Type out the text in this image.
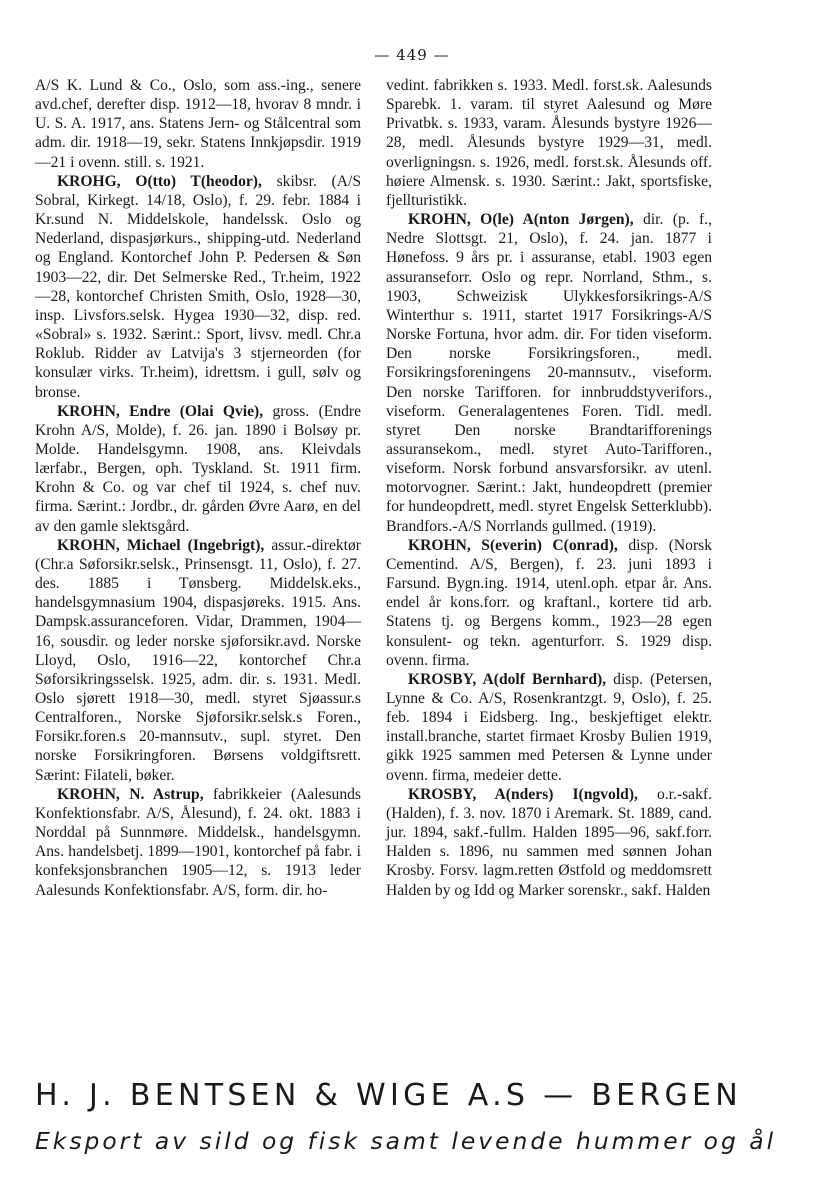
— 449 —

A/S K. Lund & Co., Oslo, som ass.-ing., senere avd.chef, derefter disp. 1912—18, hvorav 8 mndr. i U. S. A. 1917, ans. Statens Jern- og Stålcentral som adm. dir. 1918—19, sekr. Statens Innkjøpsdir. 1919—21 i ovenn. still. s. 1921.

KROHG, O(tto) T(heodor), skibsr. (A/S Sobral, Kirkegt. 14/18, Oslo), f. 29. febr. 1884 i Kr.sund N. Middelskole, handelssk. Oslo og Nederland, dispasjørkurs., shipping-utd. Nederland og England. Kontorchef John P. Pedersen & Søn 1903—22, dir. Det Selmerske Red., Tr.heim, 1922—28, kontorchef Christen Smith, Oslo, 1928—30, insp. Livsfors.selsk. Hygea 1930—32, disp. red. «Sobral» s. 1932. Særint.: Sport, livsv. medl. Chr.a Roklub. Ridder av Latvija's 3 stjerneorden (for konsulær virks. Tr.heim), idrettsm. i gull, sølv og bronse.

KROHN, Endre (Olai Qvie), gross. (Endre Krohn A/S, Molde), f. 26. jan. 1890 i Bolsøy pr. Molde. Handelsgymn. 1908, ans. Kleivdals lærfabr., Bergen, oph. Tyskland. St. 1911 firm. Krohn & Co. og var chef til 1924, s. chef nuv. firma. Særint.: Jordbr., dr. gården Øvre Aarø, en del av den gamle slektsgård.

KROHN, Michael (Ingebrigt), assur.-direktør (Chr.a Søforsikr.selsk., Prinsensgt. 11, Oslo), f. 27. des. 1885 i Tønsberg. Middelsk.eks., handelsgymnasium 1904, dispasjøreks. 1915. Ans. Dampsk.assuranceforen. Vidar, Drammen, 1904—16, sousdir. og leder norske sjøforsikr.avd. Norske Lloyd, Oslo, 1916—22, kontorchef Chr.a Søforsikringsselsk. 1925, adm. dir. s. 1931. Medl. Oslo sjørett 1918—30, medl. styret Sjøassur.s Centralforen., Norske Sjøforsikr.selsk.s Foren., Forsikr.foren.s 20-mannsutv., supl. styret. Den norske Forsikringforen. Børsens voldgiftsrett. Særint: Filateli, bøker.

KROHN, N. Astrup, fabrikkeier (Aalesunds Konfektionsfabr. A/S, Ålesund), f. 24. okt. 1883 i Norddal på Sunnmøre. Middelsk., handelsgymn. Ans. handelsbetj. 1899—1901, kontorchef på fabr. i konfeksjonsbranchen 1905—12, s. 1913 leder Aalesunds Konfektionsfabr. A/S, form. dir. ho-

vedint. fabrikken s. 1933. Medl. forst.sk. Aalesunds Sparebk. 1. varam. til styret Aalesund og Møre Privatbk. s. 1933, varam. Ålesunds bystyre 1926—28, medl. Ålesunds bystyre 1929—31, medl. overligningsn. s. 1926, medl. forst.sk. Ålesunds off. høiere Almensk. s. 1930. Særint.: Jakt, sportsfiske, fjellturistikk.

KROHN, O(le) A(nton Jørgen), dir. (p. f., Nedre Slottsgt. 21, Oslo), f. 24. jan. 1877 i Hønefoss. 9 års pr. i assuranse, etabl. 1903 egen assuranseforr. Oslo og repr. Norrland, Sthm., s. 1903, Schweizisk Ulykkesforsikrings-A/S Winterthur s. 1911, startet 1917 Forsikrings-A/S Norske Fortuna, hvor adm. dir. For tiden viseform. Den norske Forsikringsforen., medl. Forsikringsforeningens 20-mannsutv., viseform. Den norske Tarifforen. for innbruddstyverifors., viseform. Generalagentenes Foren. Tidl. medl. styret Den norske Brandtarifforenings assuransekom., medl. styret Auto-Tarifforen., viseform. Norsk forbund ansvarsforsikr. av utenl. motorvogner. Særint.: Jakt, hundeopdrett (premier for hundeopdrett, medl. styret Engelsk Setterklubb). Brandfors.-A/S Norrlands gullmed. (1919).

KROHN, S(everin) C(onrad), disp. (Norsk Cementind. A/S, Bergen), f. 23. juni 1893 i Farsund. Bygn.ing. 1914, utenl.oph. etpar år. Ans. endel år kons.forr. og kraftanl., kortere tid arb. Statens tj. og Bergens komm., 1923—28 egen konsulent- og tekn. agenturforr. S. 1929 disp. ovenn. firma.

KROSBY, A(dolf Bernhard), disp. (Petersen, Lynne & Co. A/S, Rosenkrantzgt. 9, Oslo), f. 25. feb. 1894 i Eidsberg. Ing., beskjeftiget elektr. install.branche, startet firmaet Krosby Bulien 1919, gikk 1925 sammen med Petersen & Lynne under ovenn. firma, medeier dette.

KROSBY, A(nders) I(ngvold), o.r.-sakf. (Halden), f. 3. nov. 1870 i Aremark. St. 1889, cand. jur. 1894, sakf.-fullm. Halden 1895—96, sakf.forr. Halden s. 1896, nu sammen med sønnen Johan Krosby. Forsv. lagm.retten Østfold og meddomsrett Halden by og Idd og Marker sorenskr., sakf. Halden

H. J. BENTSEN & WIGE A.S — BERGEN
Eksport av sild og fisk samt levende hummer og ål
